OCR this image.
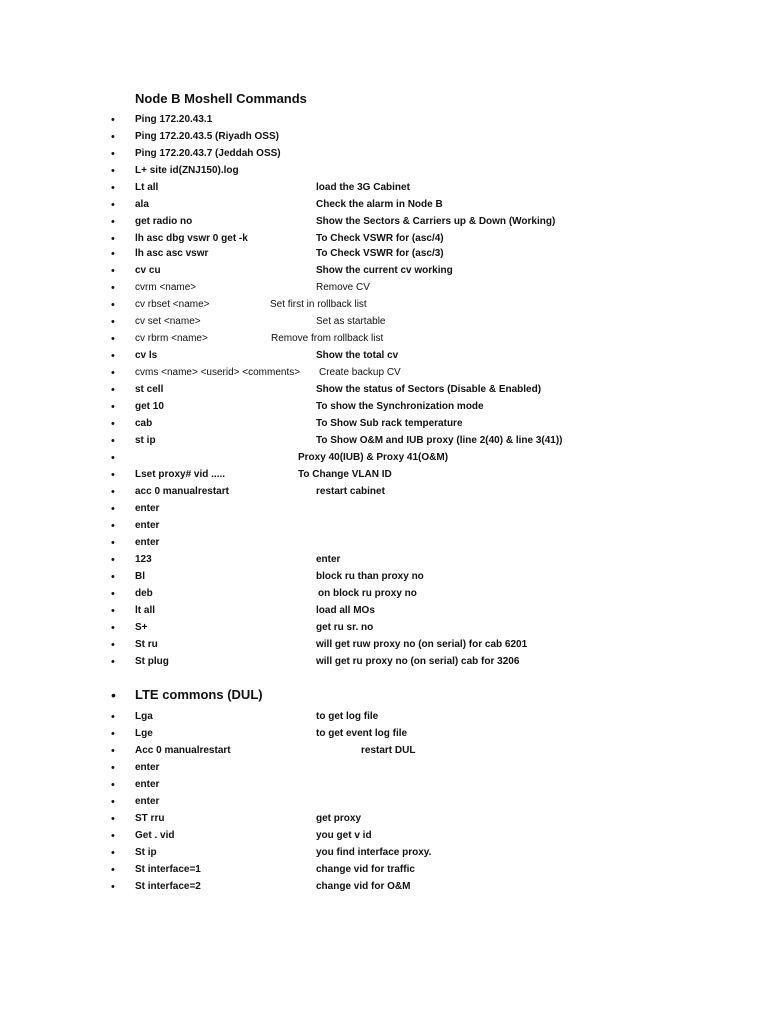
Node B Moshell Commands
• Ping 172.20.43.1
• Ping 172.20.43.5 (Riyadh OSS)
• Ping 172.20.43.7 (Jeddah OSS)
• L+ site id(ZNJ150).log
• Lt all	load the 3G Cabinet
• ala	Check the alarm in Node B
• get radio no	Show the Sectors & Carriers up & Down (Working)
• lh asc dbg vswr 0 get -k	To Check VSWR for (asc/4)
• lh asc asc vswr	To Check VSWR for (asc/3)
• cv cu	Show the current cv working
• cvrm <name>	Remove CV
• cv rbset <name>	Set first in rollback list
• cv set <name>	Set as startable
• cv rbrm <name>	Remove from rollback list
• cv ls	Show the total cv
• cvms <name> <userid> <comments> Create backup CV
• st cell	Show the status of Sectors (Disable & Enabled)
• get 10	To show the Synchronization mode
• cab	To Show Sub rack temperature
• st ip	To Show O&M and IUB proxy (line 2(40) & line 3(41))
•	Proxy 40(IUB) & Proxy 41(O&M)
• Lset proxy# vid .....	To Change VLAN ID
• acc 0 manualrestart	restart cabinet
• enter
• enter
• enter
• 123	enter
• Bl	block ru than proxy no
• deb	on block ru proxy no
• lt all	load all MOs
• S+	get ru sr. no
• St ru	will get ruw proxy no (on serial) for cab 6201
• St plug	will get ru proxy no (on serial) cab for 3206
• LTE commons (DUL)
• Lga	to get log file
• Lge	to get event log file
• Acc 0 manualrestart	restart DUL
• enter
• enter
• enter
• ST rru	get proxy
• Get . vid	you get v id
• St ip	you find interface proxy.
• St interface=1	change vid for traffic
• St interface=2	change vid for O&M
